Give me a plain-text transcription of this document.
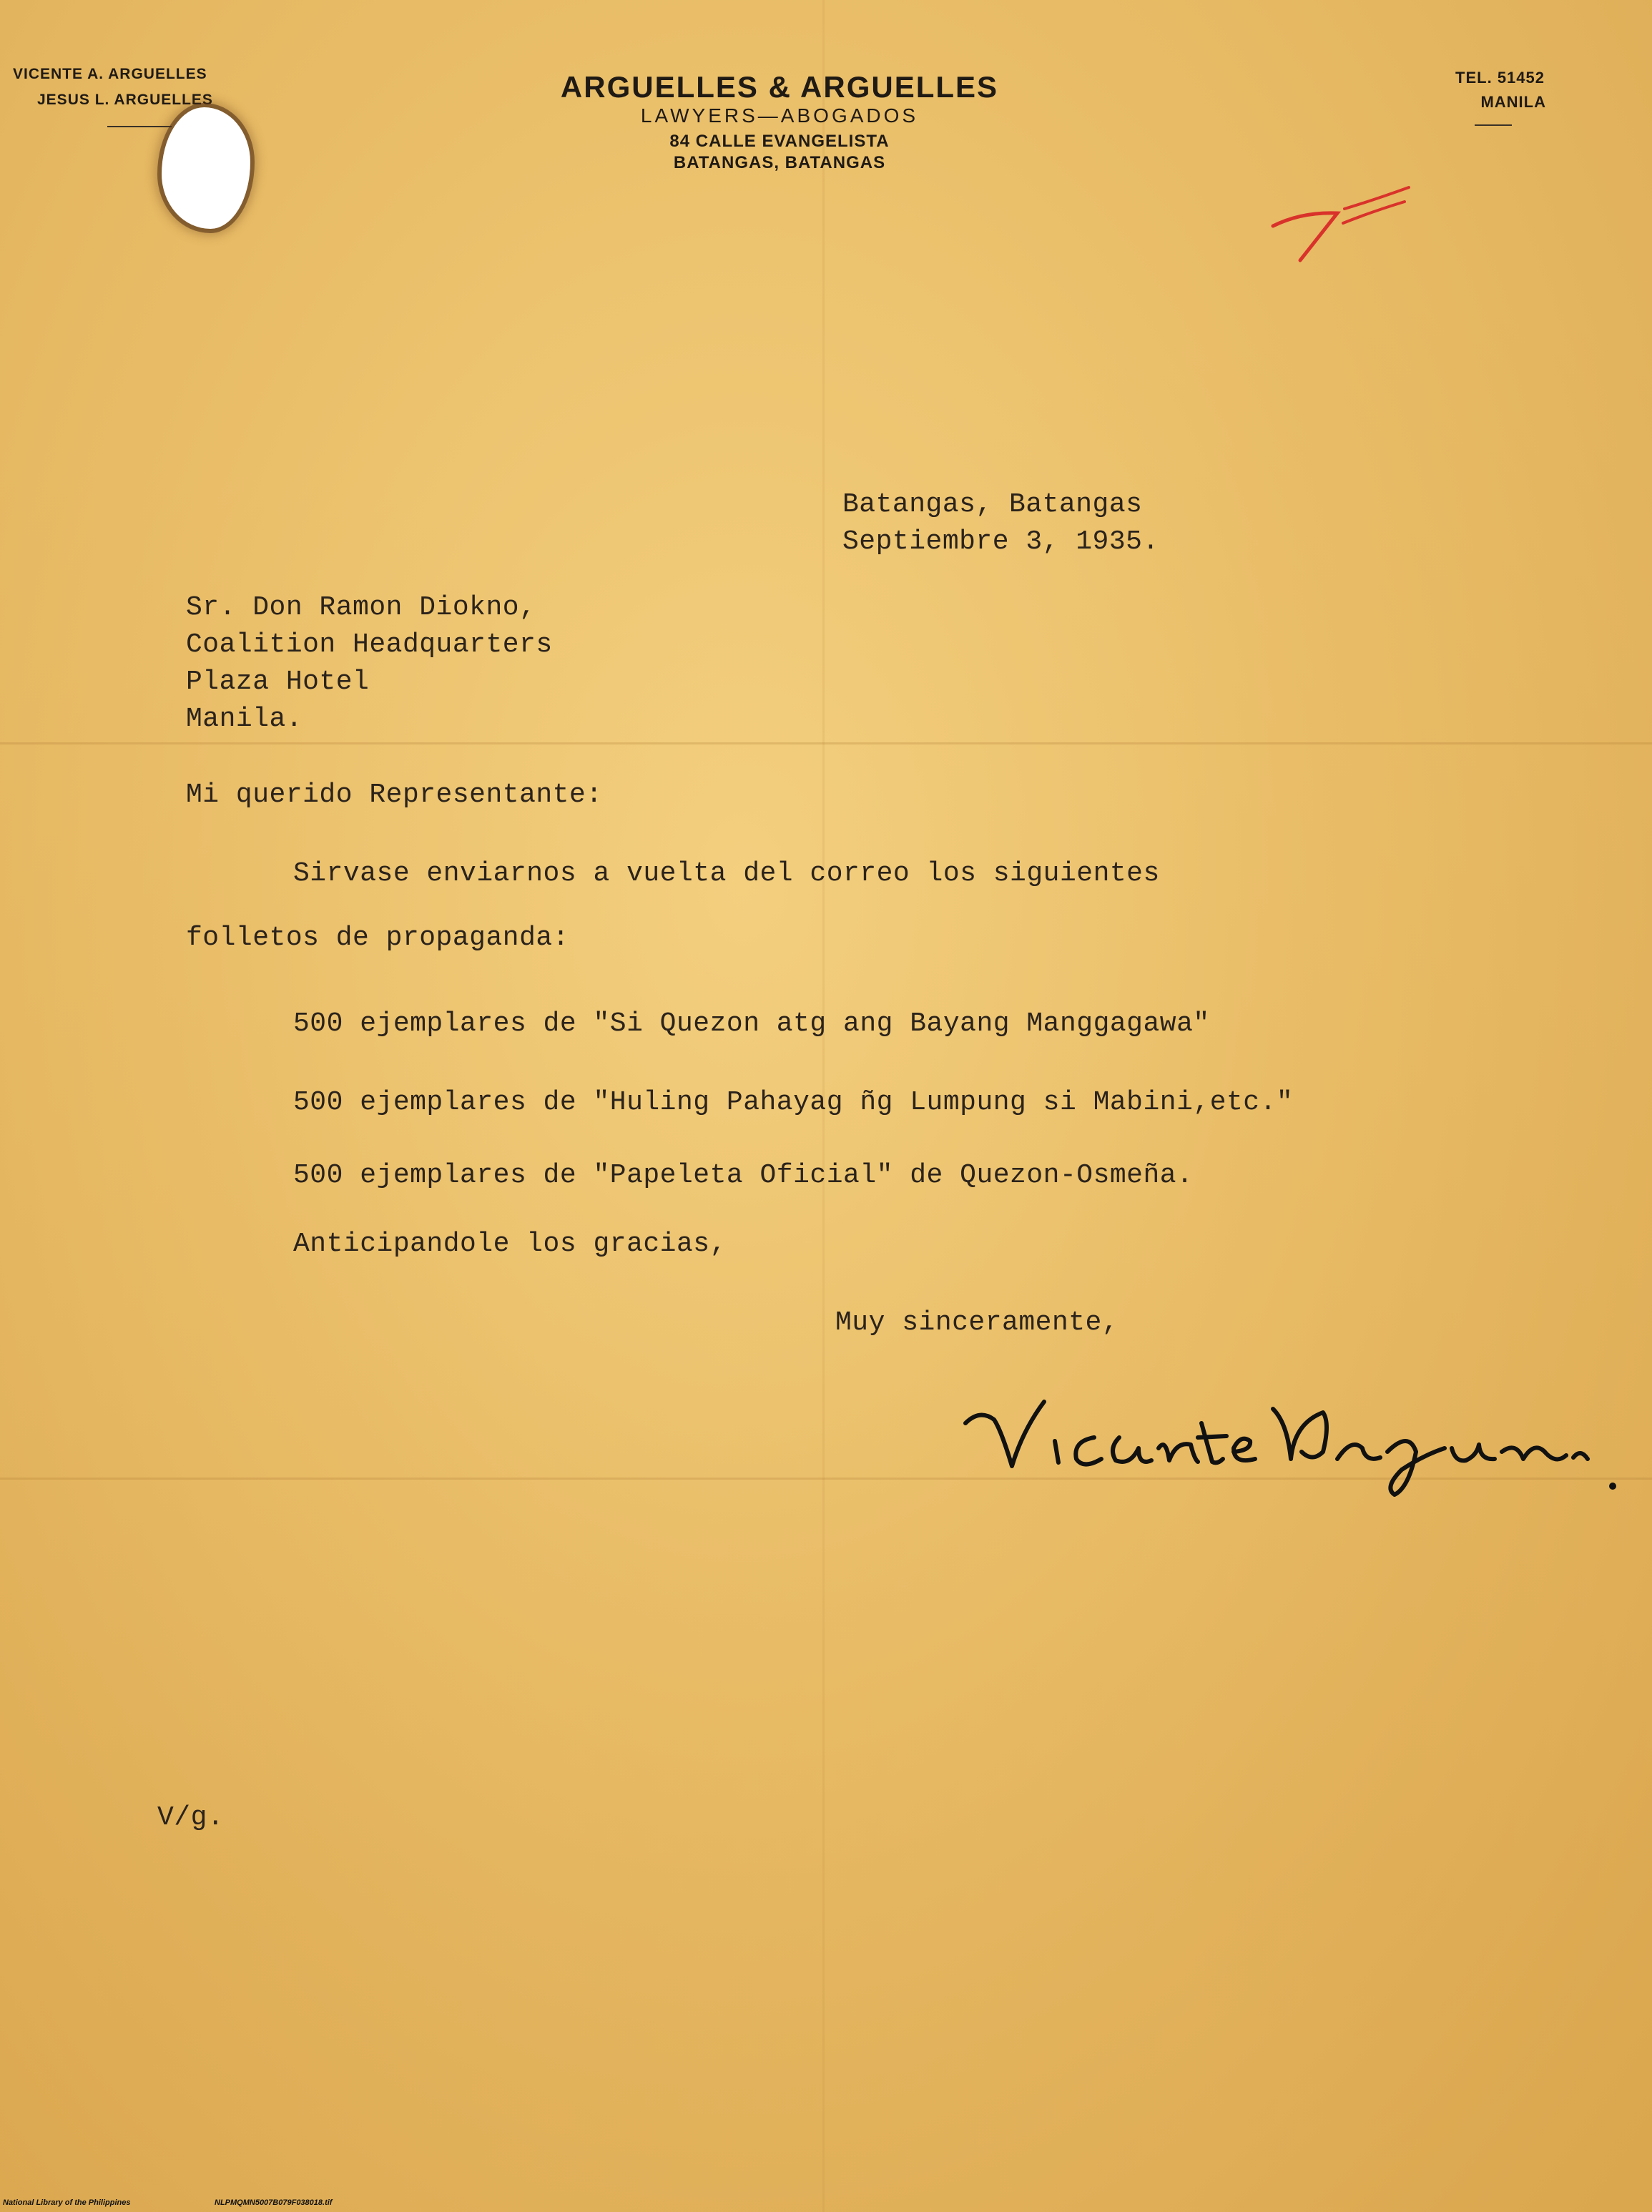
VICENTE A. ARGUELLES

JESUS L. ARGUELLES	ARGUELLES & ARGUELLES

LAWYERS—ABOGADOS

84 CALLE EVANGELISTA

BATANGAS, BATANGAS

TEL. 51452

MANILA

Batangas, Batangas

Septiembre 3, 1935.

Sr. Don Ramon Diokno,

Coalition Headquarters

Plaza Hotel

Manila.

Mi querido Representante:

Sirvase enviarnos a vuelta del correo los siguientes

folletos de propaganda:

500 ejemplares de "Si Quezon atg ang Bayang Manggagawa"

500 ejemplares de "Huling Pahayag ñg Lumpung si Mabini,etc."

500 ejemplares de "Papeleta Oficial" de Quezon-Osmeña.

Anticipandole los gracias,

Muy sinceramente,

V/g.

National Library of the Philippines	NLPMQMN5007B079F038018.tif
